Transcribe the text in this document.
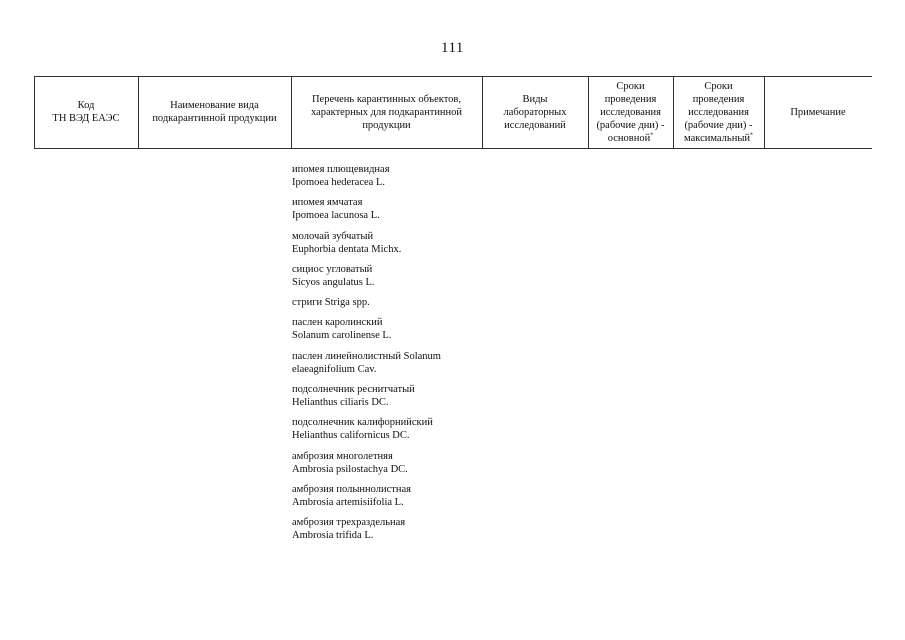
111
Код
ТН ВЭД ЕАЭС
Наименование вида
подкарантинной продукции
Перечень карантинных объектов,
характерных для подкарантинной
продукции
Виды
лабораторных
исследований
Сроки
проведения
исследования
(рабочие дни) -
основной*
Сроки
проведения
исследования
(рабочие дни) -
максимальный*
Примечание
ипомея плющевидная
Ipomoea hederacea L.
ипомея ямчатая
Ipomoea lacunosa L.
молочай зубчатый
Euphorbia dentata Michx.
сициос угловатый
Sicyos angulatus L.
стриги Striga spp.
паслен каролинский
Solanum carolinense L.
паслен линейнолистный Solanum
elaeagnifolium Cav.
подсолнечник реснитчатый
Helianthus ciliaris DC.
подсолнечник калифорнийский
Helianthus californicus DC.
амброзия многолетняя
Ambrosia psilostachya DC.
амброзия полыннолистная
Ambrosia artemisiifolia L.
амброзия трехраздельная
Ambrosia trifida L.
